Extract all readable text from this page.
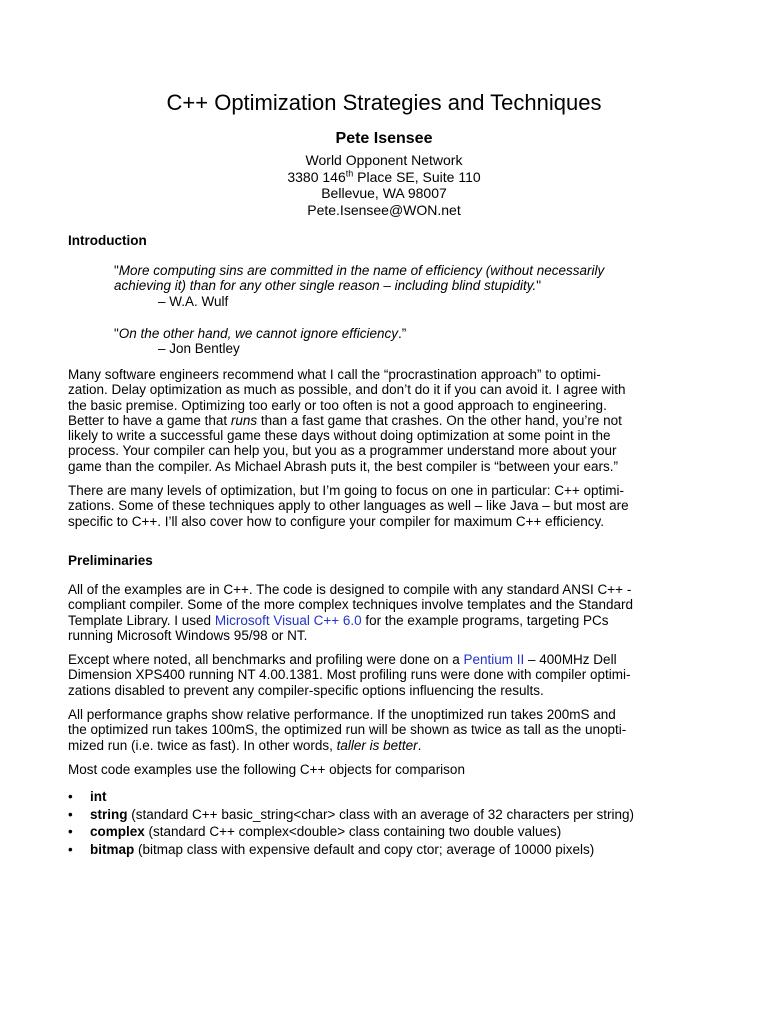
C++ Optimization Strategies and Techniques
Pete Isensee
World Opponent Network
3380 146th Place SE, Suite 110
Bellevue, WA 98007
Pete.Isensee@WON.net
Introduction
"More computing sins are committed in the name of efficiency (without necessarily
achieving it) than for any other single reason – including blind stupidity."
– W.A. Wulf
"On the other hand, we cannot ignore efficiency.”
– Jon Bentley
Many software engineers recommend what I call the “procrastination approach” to optimi-
zation. Delay optimization as much as possible, and don’t do it if you can avoid it. I agree with
the basic premise. Optimizing too early or too often is not a good approach to engineering.
Better to have a game that runs than a fast game that crashes. On the other hand, you’re not
likely to write a successful game these days without doing optimization at some point in the
process. Your compiler can help you, but you as a programmer understand more about your
game than the compiler. As Michael Abrash puts it, the best compiler is “between your ears.”
There are many levels of optimization, but I’m going to focus on one in particular: C++ optimi-
zations. Some of these techniques apply to other languages as well – like Java – but most are
specific to C++. I’ll also cover how to configure your compiler for maximum C++ efficiency.
Preliminaries
All of the examples are in C++. The code is designed to compile with any standard ANSI C++ -
compliant compiler. Some of the more complex techniques involve templates and the Standard
Template Library. I used Microsoft Visual C++ 6.0 for the example programs, targeting PCs
running Microsoft Windows 95/98 or NT.
Except where noted, all benchmarks and profiling were done on a Pentium II – 400MHz Dell
Dimension XPS400 running NT 4.00.1381. Most profiling runs were done with compiler optimi-
zations disabled to prevent any compiler-specific options influencing the results.
All performance graphs show relative performance. If the unoptimized run takes 200mS and
the optimized run takes 100mS, the optimized run will be shown as twice as tall as the unopti-
mized run (i.e. twice as fast). In other words, taller is better.
Most code examples use the following C++ objects for comparison
• int
• string (standard C++ basic_string<char> class with an average of 32 characters per string)
• complex (standard C++ complex<double> class containing two double values)
• bitmap (bitmap class with expensive default and copy ctor; average of 10000 pixels)
